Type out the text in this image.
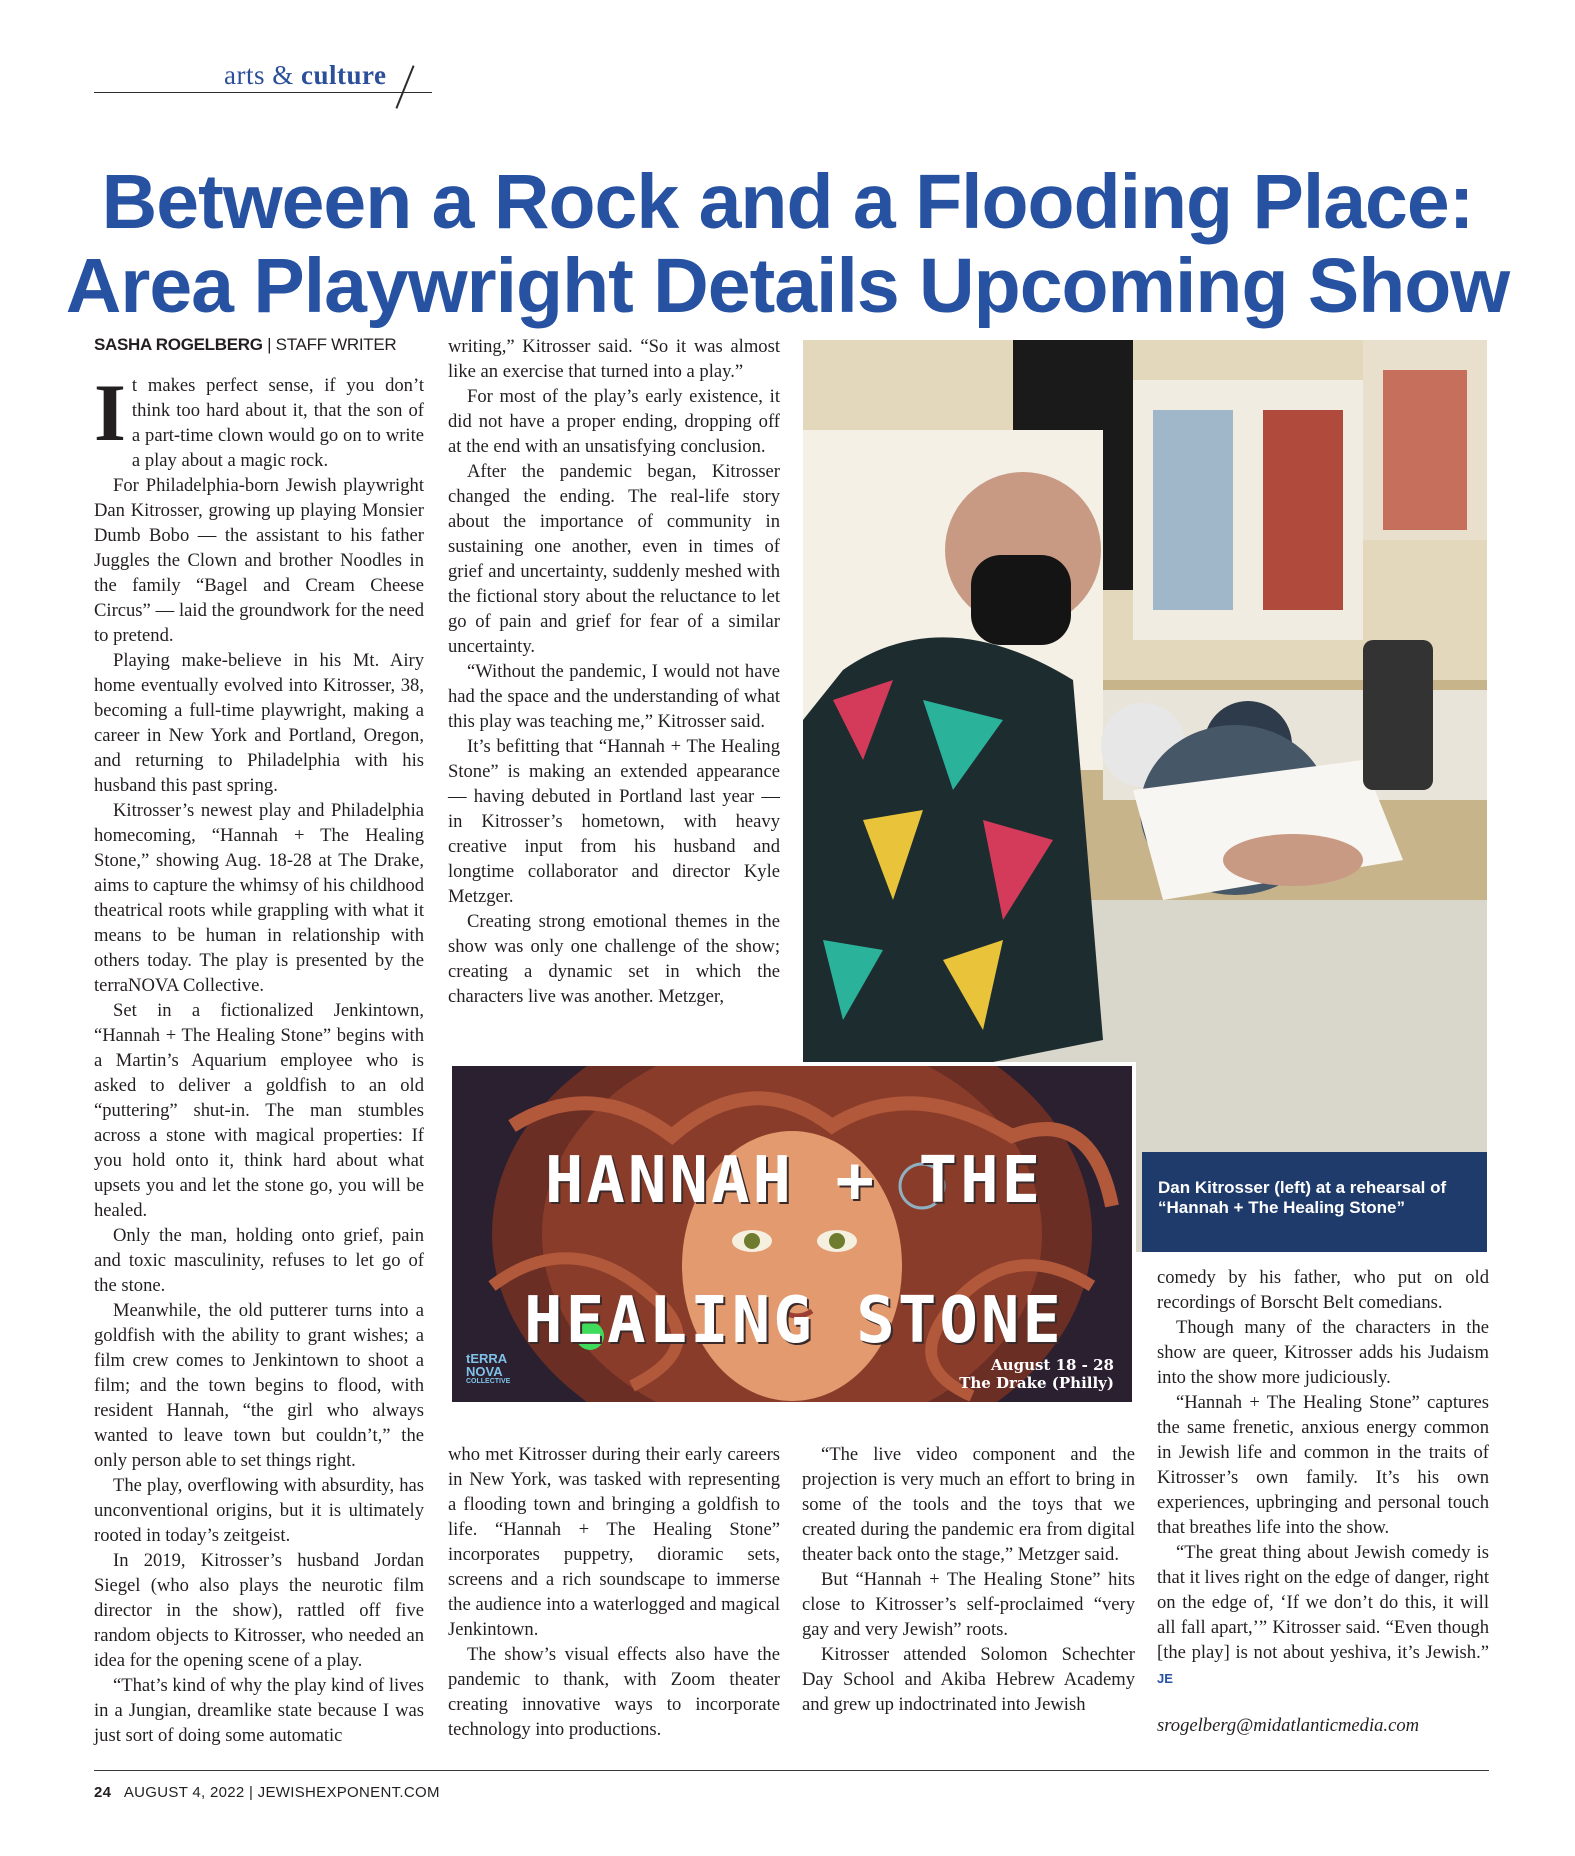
arts & culture
Between a Rock and a Flooding Place:
Area Playwright Details Upcoming Show
SASHA ROGELBERG | STAFF WRITER

It makes perfect sense, if you don’t think too hard about it, that the son of a part-time clown would go on to write a play about a magic rock.

For Philadelphia-born Jewish playwright Dan Kitrosser, growing up playing Monsier Dumb Bobo — the assistant to his father Juggles the Clown and brother Noodles in the family “Bagel and Cream Cheese Circus” — laid the groundwork for the need to pretend.

Playing make-believe in his Mt. Airy home eventually evolved into Kitrosser, 38, becoming a full-time playwright, making a career in New York and Portland, Oregon, and returning to Philadelphia with his husband this past spring.

Kitrosser’s newest play and Philadelphia homecoming, “Hannah + The Healing Stone,” showing Aug. 18-28 at The Drake, aims to capture the whimsy of his childhood theatrical roots while grappling with what it means to be human in relationship with others today. The play is presented by the terraNOVA Collective.

Set in a fictionalized Jenkintown, “Hannah + The Healing Stone” begins with a Martin’s Aquarium employee who is asked to deliver a goldfish to an old “puttering” shut-in. The man stumbles across a stone with magical properties: If you hold onto it, think hard about what upsets you and let the stone go, you will be healed.

Only the man, holding onto grief, pain and toxic masculinity, refuses to let go of the stone.

Meanwhile, the old putterer turns into a goldfish with the ability to grant wishes; a film crew comes to Jenkintown to shoot a film; and the town begins to flood, with resident Hannah, “the girl who always wanted to leave town but couldn’t,” the only person able to set things right.

The play, overflowing with absurdity, has unconventional origins, but it is ultimately rooted in today’s zeitgeist.

In 2019, Kitrosser’s husband Jordan Siegel (who also plays the neurotic film director in the show), rattled off five random objects to Kitrosser, who needed an idea for the opening scene of a play.

“That’s kind of why the play kind of lives in a Jungian, dreamlike state because I was just sort of doing some automatic

writing,” Kitrosser said. “So it was almost like an exercise that turned into a play.”

For most of the play’s early existence, it did not have a proper ending, dropping off at the end with an unsatisfying conclusion.

After the pandemic began, Kitrosser changed the ending. The real-life story about the importance of community in sustaining one another, even in times of grief and uncertainty, suddenly meshed with the fictional story about the reluctance to let go of pain and grief for fear of a similar uncertainty.

“Without the pandemic, I would not have had the space and the understanding of what this play was teaching me,” Kitrosser said.

It’s befitting that “Hannah + The Healing Stone” is making an extended appearance — having debuted in Portland last year — in Kitrosser’s hometown, with heavy creative input from his husband and longtime collaborator and director Kyle Metzger.

Creating strong emotional themes in the show was only one challenge of the show; creating a dynamic set in which the characters live was another. Metzger,

Dan Kitrosser (left) at a rehearsal of “Hannah + The Healing Stone”
HANNAH + THE
HEALING STONE
tERRA
NOVA
COLLECTIVE
August 18 - 28
The Drake (Philly)

who met Kitrosser during their early careers in New York, was tasked with representing a flooding town and bringing a goldfish to life. “Hannah + The Healing Stone” incorporates puppetry, dioramic sets, screens and a rich soundscape to immerse the audience into a waterlogged and magical Jenkintown.

The show’s visual effects also have the pandemic to thank, with Zoom theater creating innovative ways to incorporate technology into productions.

“The live video component and the projection is very much an effort to bring in some of the tools and the toys that we created during the pandemic era from digital theater back onto the stage,” Metzger said.

But “Hannah + The Healing Stone” hits close to Kitrosser’s self-proclaimed “very gay and very Jewish” roots.

Kitrosser attended Solomon Schechter Day School and Akiba Hebrew Academy and grew up indoctrinated into Jewish

comedy by his father, who put on old recordings of Borscht Belt comedians.

Though many of the characters in the show are queer, Kitrosser adds his Judaism into the show more judiciously.

“Hannah + The Healing Stone” captures the same frenetic, anxious energy common in Jewish life and common in the traits of Kitrosser’s own family. It’s his own experiences, upbringing and personal touch that breathes life into the show.

“The great thing about Jewish comedy is that it lives right on the edge of danger, right on the edge of, ‘If we don’t do this, it will all fall apart,’” Kitrosser said. “Even though [the play] is not about yeshiva, it’s Jewish.” JE

srogelberg@midatlanticmedia.com

24 AUGUST 4, 2022 | JEWISHEXPONENT.COM
